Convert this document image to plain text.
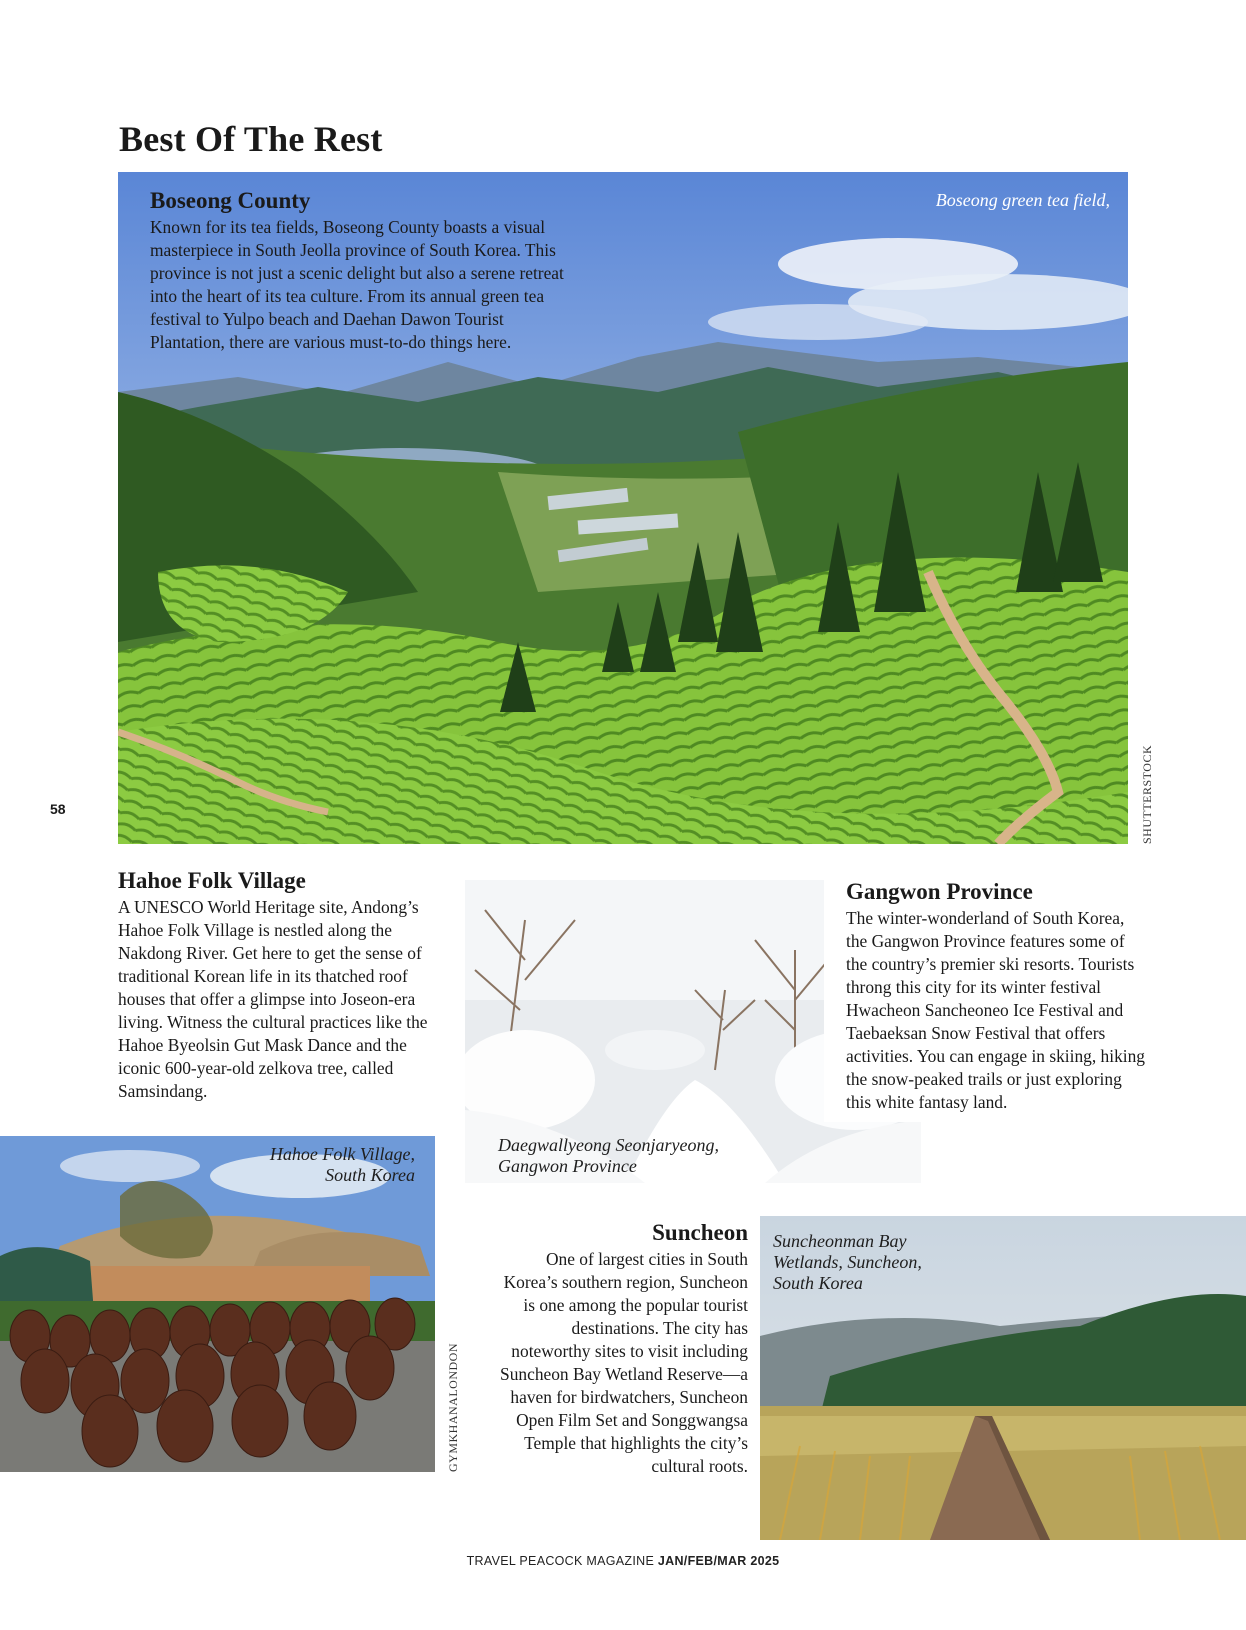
Best Of The Rest
Boseong County

Known for its tea fields, Boseong County boasts a visual masterpiece in South Jeolla province of South Korea. This province is not just a scenic delight but also a serene retreat into the heart of its tea culture. From its annual green tea festival to Yulpo beach and Daehan Dawon Tourist Plantation, there are various must-to-do things here.

Boseong green tea field,
SHUTTERSTOCK
58
Hahoe Folk Village

A UNESCO World Heritage site, Andong’s Hahoe Folk Village is nestled along the Nakdong River. Get here to get the sense of traditional Korean life in its thatched roof houses that offer a glimpse into Joseon-era living. Witness the cultural practices like the Hahoe Byeolsin Gut Mask Dance and the iconic 600-year-old zelkova tree, called Samsindang.

Hahoe Folk Village,
South Korea
GYMKHANALONDON
Daegwallyeong Seonjaryeong,
Gangwon Province
Gangwon Province

The winter-wonderland of South Korea, the Gangwon Province features some of the country’s premier ski resorts. Tourists throng this city for its winter festival Hwacheon Sancheoneo Ice Festival and Taebaeksan Snow Festival that offers activities. You can engage in skiing, hiking the snow-peaked trails or just exploring this white fantasy land.

Suncheon

One of largest cities in South Korea’s southern region, Suncheon is one among the popular tourist destinations. The city has noteworthy sites to visit including Suncheon Bay Wetland Reserve—a haven for birdwatchers, Suncheon Open Film Set and Songgwangsa Temple that highlights the city’s cultural roots.

Suncheonman Bay
Wetlands, Suncheon,
South Korea
TRAVEL PEACOCK MAGAZINE JAN/FEB/MAR 2025
